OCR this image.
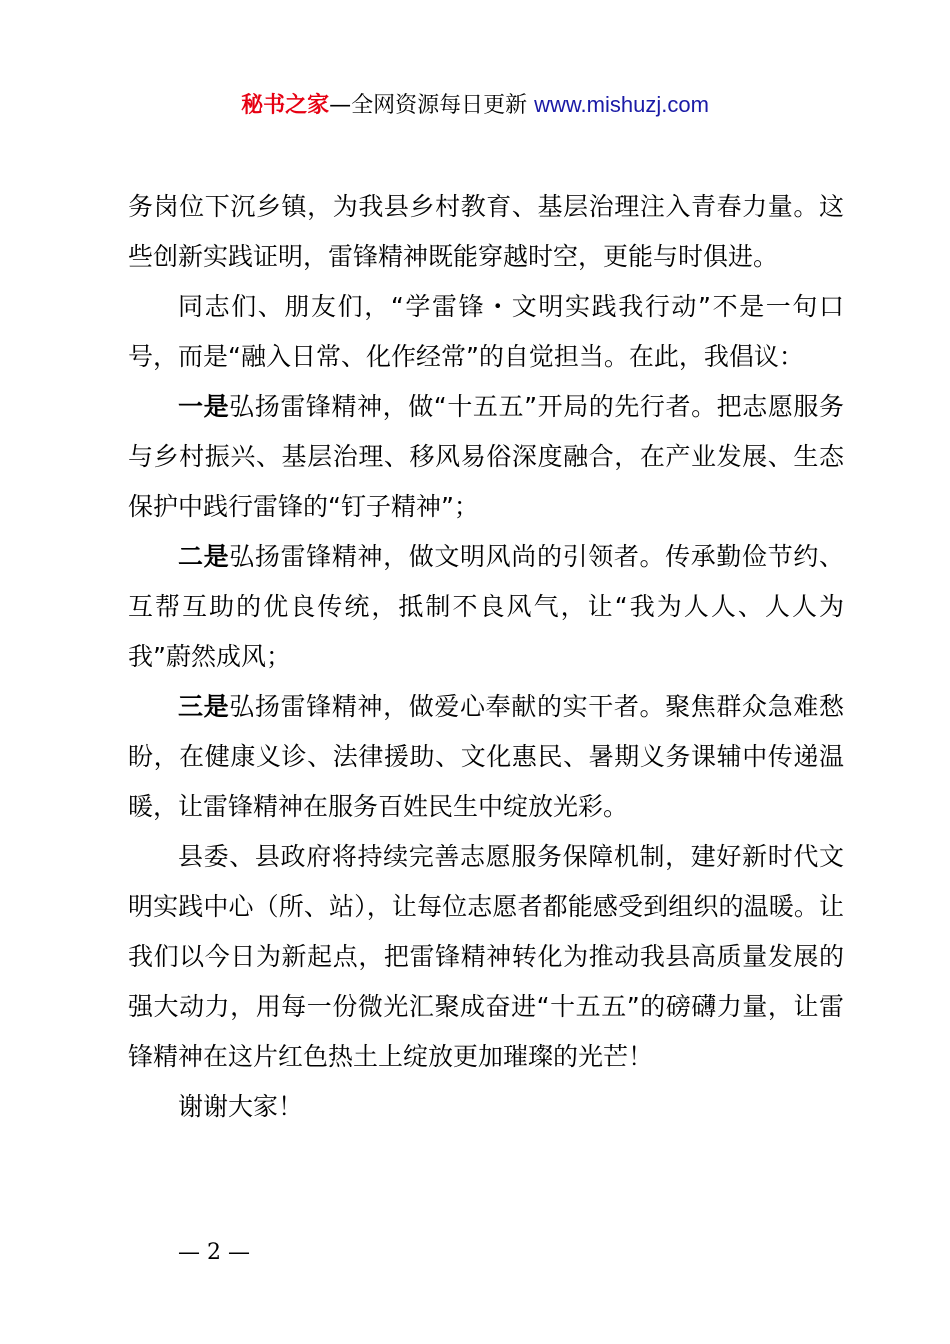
秘书之家—全网资源每日更新 www.mishuzj.com

务岗位下沉乡镇，为我县乡村教育、基层治理注入青春力量。这些创新实践证明，雷锋精神既能穿越时空，更能与时俱进。

同志们、朋友们，“学雷锋・文明实践我行动”不是一句口号，而是“融入日常、化作经常”的自觉担当。在此，我倡议：

一是弘扬雷锋精神，做“十五五”开局的先行者。把志愿服务与乡村振兴、基层治理、移风易俗深度融合，在产业发展、生态保护中践行雷锋的“钉子精神”；

二是弘扬雷锋精神，做文明风尚的引领者。传承勤俭节约、互帮互助的优良传统，抵制不良风气，让“我为人人、人人为我”蔚然成风；

三是弘扬雷锋精神，做爱心奉献的实干者。聚焦群众急难愁盼，在健康义诊、法律援助、文化惠民、暑期义务课辅中传递温暖，让雷锋精神在服务百姓民生中绽放光彩。

县委、县政府将持续完善志愿服务保障机制，建好新时代文明实践中心（所、站），让每位志愿者都能感受到组织的温暖。让我们以今日为新起点，把雷锋精神转化为推动我县高质量发展的强大动力，用每一份微光汇聚成奋进“十五五”的磅礴力量，让雷锋精神在这片红色热土上绽放更加璀璨的光芒！

谢谢大家！

— 2 —
